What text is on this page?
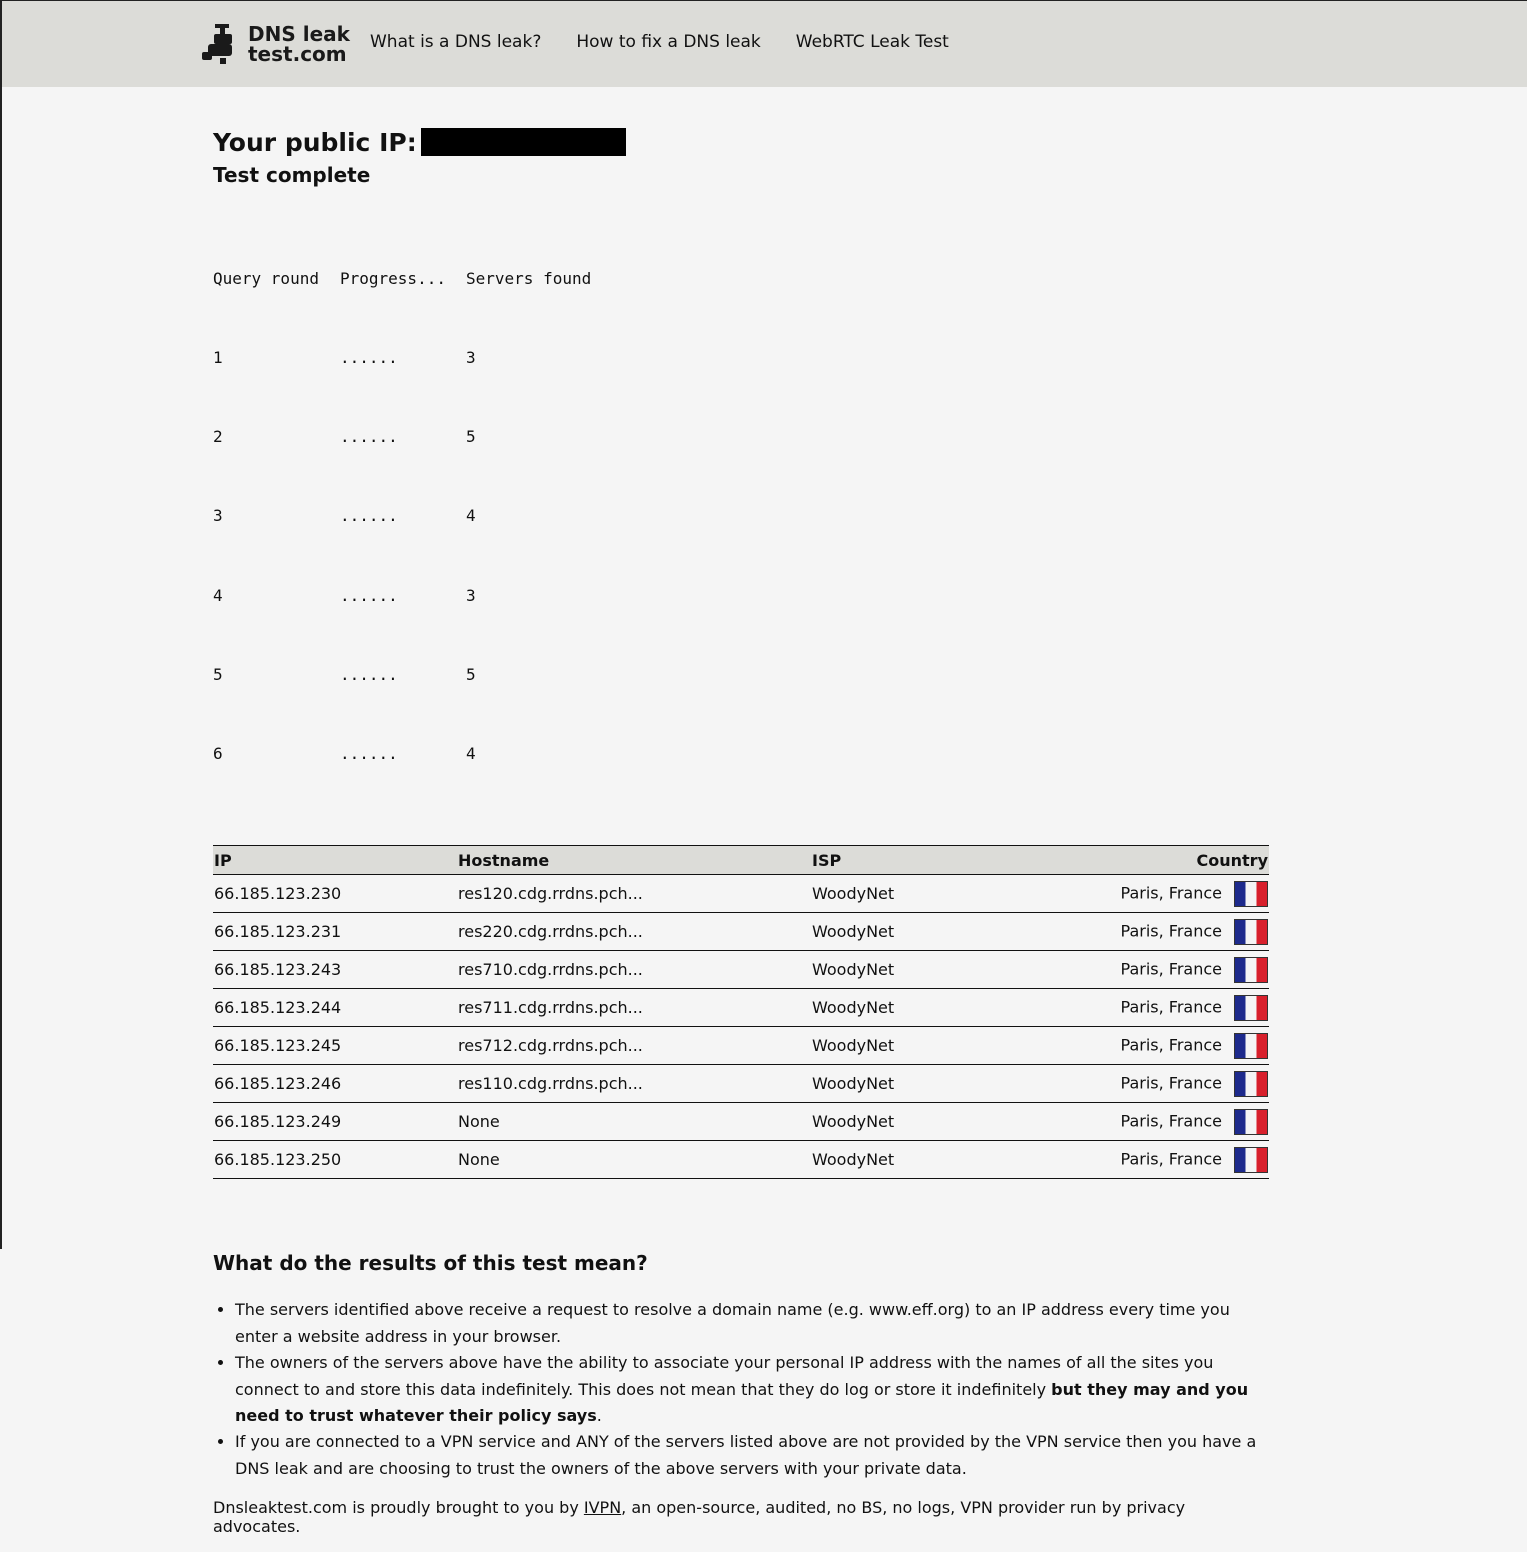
DNS leak
test.com What is a DNS leak? How to fix a DNS leak WebRTC Leak Test
Your public IP:
Test complete

Query round	Progress...	Servers found

1	......	3

2	......	5

3	......	4

4	......	3

5	......	5

6	......	4

IP	Hostname	ISP	Country
66.185.123.230	res120.cdg.rrdns.pch...	WoodyNet	Paris, France
66.185.123.231	res220.cdg.rrdns.pch...	WoodyNet	Paris, France
66.185.123.243	res710.cdg.rrdns.pch...	WoodyNet	Paris, France
66.185.123.244	res711.cdg.rrdns.pch...	WoodyNet	Paris, France
66.185.123.245	res712.cdg.rrdns.pch...	WoodyNet	Paris, France
66.185.123.246	res110.cdg.rrdns.pch...	WoodyNet	Paris, France
66.185.123.249	None	WoodyNet	Paris, France
66.185.123.250	None	WoodyNet	Paris, France
What do the results of this test mean?
• The servers identified above receive a request to resolve a domain name (e.g. www.eff.org) to an IP address every time you enter a website address in your browser.
• The owners of the servers above have the ability to associate your personal IP address with the names of all the sites you connect to and store this data indefinitely. This does not mean that they do log or store it indefinitely but they may and you need to trust whatever their policy says.
• If you are connected to a VPN service and ANY of the servers listed above are not provided by the VPN service then you have a DNS leak and are choosing to trust the owners of the above servers with your private data.

Dnsleaktest.com is proudly brought to you by IVPN, an open-source, audited, no BS, no logs, VPN provider run by privacy advocates.
